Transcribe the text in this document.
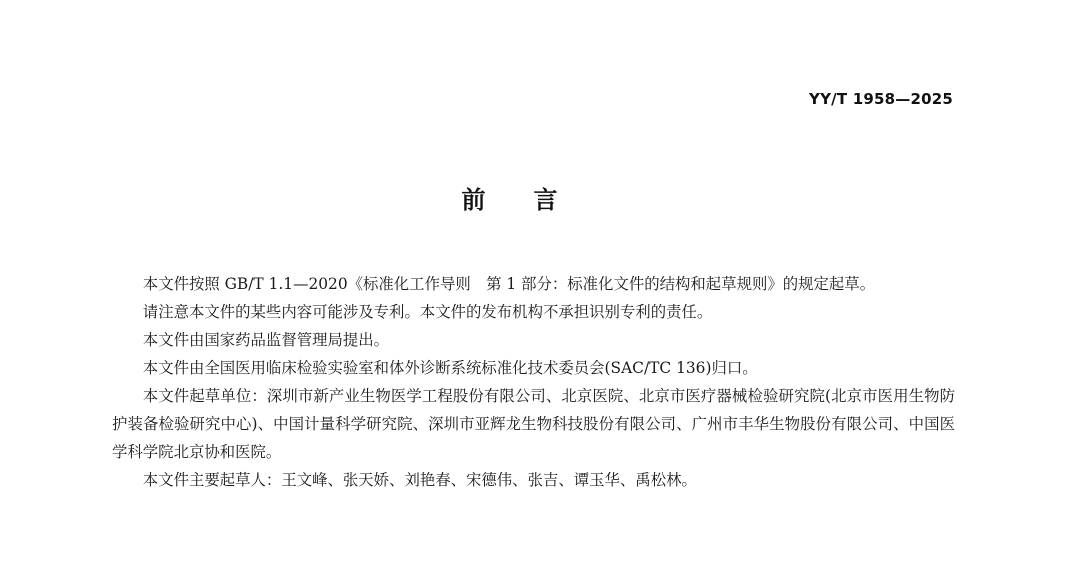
YY/T 1958—2025
前言

本文件按照 GB/T 1.1—2020《标准化工作导则　第 1 部分：标准化文件的结构和起草规则》的规定起草。

请注意本文件的某些内容可能涉及专利。本文件的发布机构不承担识别专利的责任。

本文件由国家药品监督管理局提出。

本文件由全国医用临床检验实验室和体外诊断系统标准化技术委员会(SAC/TC 136)归口。

本文件起草单位：深圳市新产业生物医学工程股份有限公司、北京医院、北京市医疗器械检验研究院(北京市医用生物防护装备检验研究中心)、中国计量科学研究院、深圳市亚辉龙生物科技股份有限公司、广州市丰华生物股份有限公司、中国医学科学院北京协和医院。

本文件主要起草人：王文峰、张天娇、刘艳春、宋德伟、张吉、谭玉华、禹松林。
